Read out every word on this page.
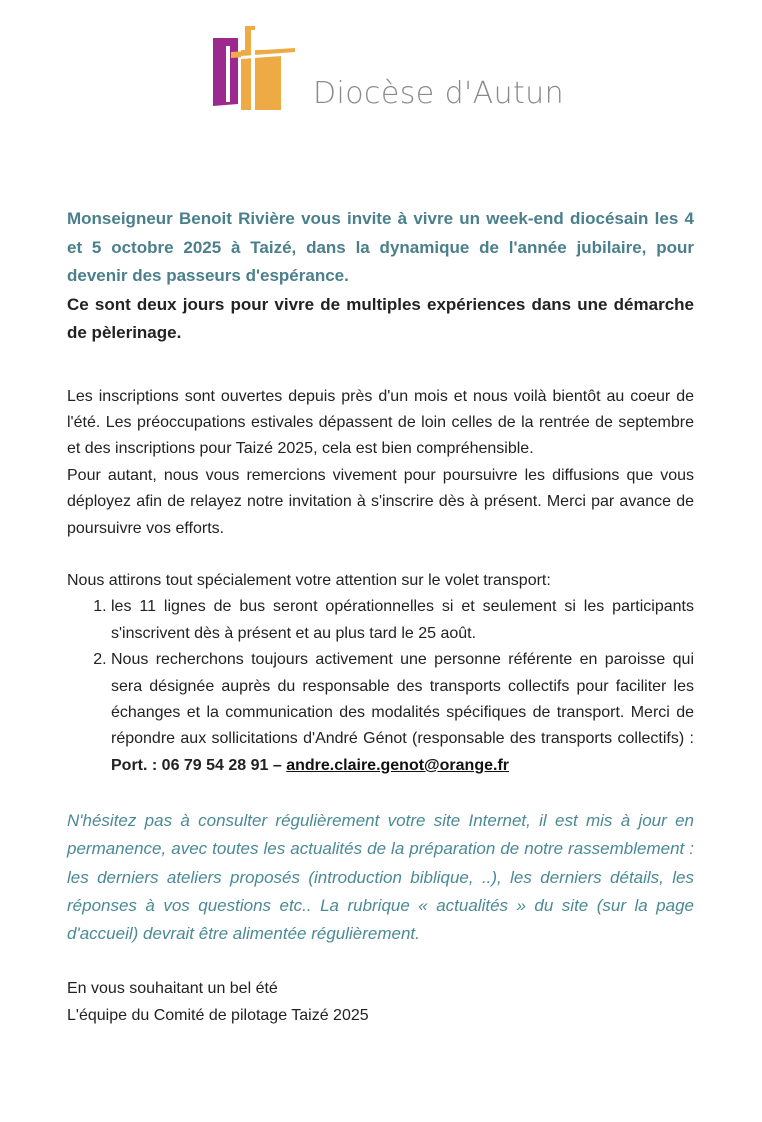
Diocèse d'Autun

Monseigneur Benoit Rivière vous invite à vivre un week-end diocésain les 4 et 5 octobre 2025 à Taizé, dans la dynamique de l'année jubilaire, pour devenir des passeurs d'espérance.

Ce sont deux jours pour vivre de multiples expériences dans une démarche de pèlerinage.

Les inscriptions sont ouvertes depuis près d'un mois et nous voilà bientôt au coeur de l'été. Les préoccupations estivales dépassent de loin celles de la rentrée de septembre et des inscriptions pour Taizé 2025, cela est bien compréhensible.

Pour autant, nous vous remercions vivement pour poursuivre les diffusions que vous déployez afin de relayez notre invitation à s'inscrire dès à présent. Merci par avance de poursuivre vos efforts.

Nous attirons tout spécialement votre attention sur le volet transport:

1. les 11 lignes de bus seront opérationnelles si et seulement si les participants s'inscrivent dès à présent et au plus tard le 25 août.
2. Nous recherchons toujours activement une personne référente en paroisse qui sera désignée auprès du responsable des transports collectifs pour faciliter les échanges et la communication des modalités spécifiques de transport. Merci de répondre aux sollicitations d'André Génot (responsable des transports collectifs) : Port. : 06 79 54 28 91 – andre.claire.genot@orange.fr

N'hésitez pas à consulter régulièrement votre site Internet, il est mis à jour en permanence, avec toutes les actualités de la préparation de notre rassemblement : les derniers ateliers proposés (introduction biblique, ..), les derniers détails, les réponses à vos questions etc.. La rubrique « actualités » du site (sur la page d'accueil) devrait être alimentée régulièrement.

En vous souhaitant un bel été

L'équipe du Comité de pilotage Taizé 2025
